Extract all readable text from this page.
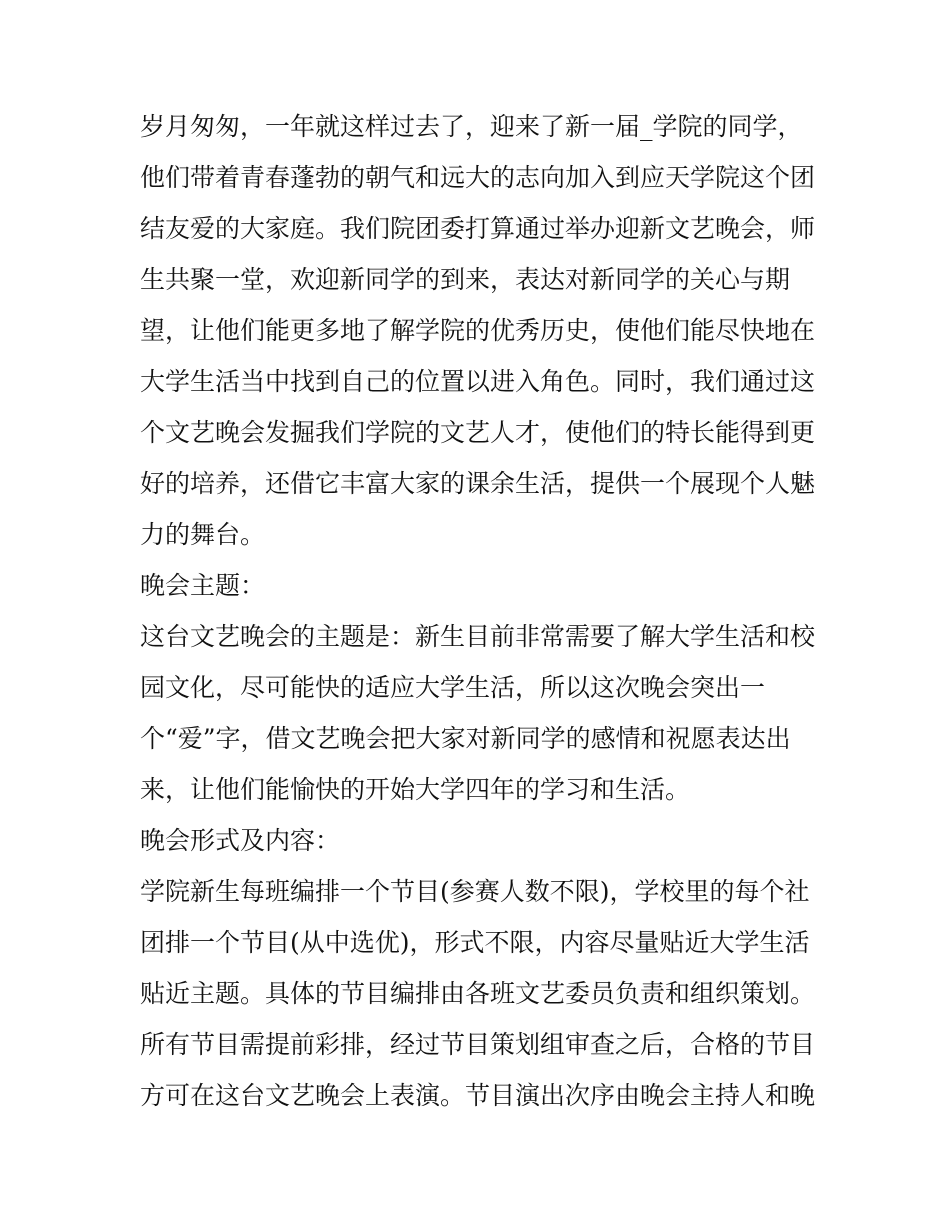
岁月匆匆，一年就这样过去了，迎来了新一届_学院的同学，

他们带着青春蓬勃的朝气和远大的志向加入到应天学院这个团

结友爱的大家庭。我们院团委打算通过举办迎新文艺晚会，师

生共聚一堂，欢迎新同学的到来，表达对新同学的关心与期

望，让他们能更多地了解学院的优秀历史，使他们能尽快地在

大学生活当中找到自己的位置以进入角色。同时，我们通过这

个文艺晚会发掘我们学院的文艺人才，使他们的特长能得到更

好的培养，还借它丰富大家的课余生活，提供一个展现个人魅

力的舞台。

晚会主题：

这台文艺晚会的主题是：新生目前非常需要了解大学生活和校

园文化，尽可能快的适应大学生活，所以这次晚会突出一

个“爱”字，借文艺晚会把大家对新同学的感情和祝愿表达出

来，让他们能愉快的开始大学四年的学习和生活。

晚会形式及内容：

学院新生每班编排一个节目(参赛人数不限)，学校里的每个社

团排一个节目(从中选优)，形式不限，内容尽量贴近大学生活

贴近主题。具体的节目编排由各班文艺委员负责和组织策划。

所有节目需提前彩排，经过节目策划组审查之后，合格的节目

方可在这台文艺晚会上表演。节目演出次序由晚会主持人和晚
